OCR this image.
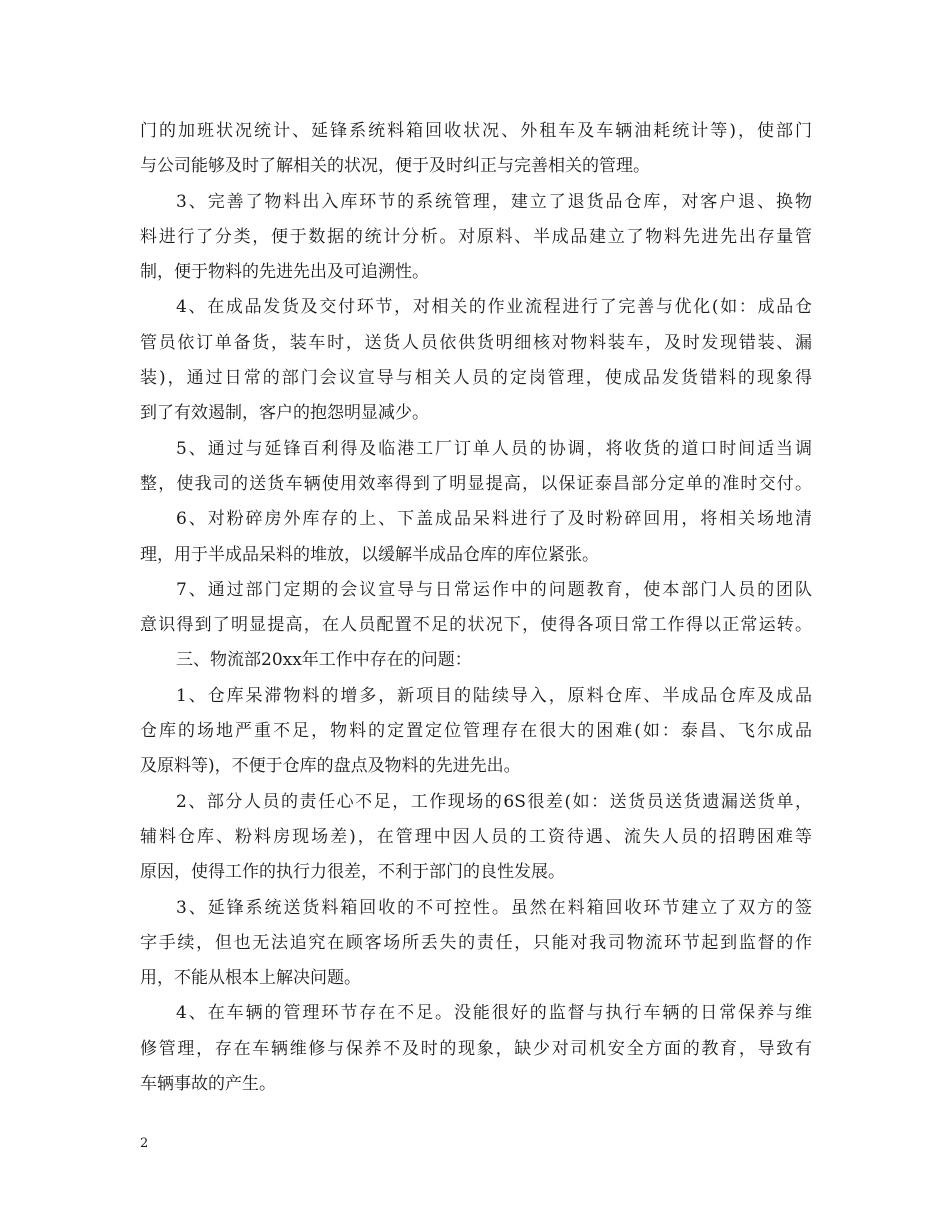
门的加班状况统计、延锋系统料箱回收状况、外租车及车辆油耗统计等)，使部门
与公司能够及时了解相关的状况，便于及时纠正与完善相关的管理。
3、完善了物料出入库环节的系统管理，建立了退货品仓库，对客户退、换物
料进行了分类，便于数据的统计分析。对原料、半成品建立了物料先进先出存量管
制，便于物料的先进先出及可追溯性。
4、在成品发货及交付环节，对相关的作业流程进行了完善与优化(如：成品仓
管员依订单备货，装车时，送货人员依供货明细核对物料装车，及时发现错装、漏
装)，通过日常的部门会议宣导与相关人员的定岗管理，使成品发货错料的现象得
到了有效遏制，客户的抱怨明显减少。
5、通过与延锋百利得及临港工厂订单人员的协调，将收货的道口时间适当调
整，使我司的送货车辆使用效率得到了明显提高，以保证泰昌部分定单的准时交付。
6、对粉碎房外库存的上、下盖成品呆料进行了及时粉碎回用，将相关场地清
理，用于半成品呆料的堆放，以缓解半成品仓库的库位紧张。
7、通过部门定期的会议宣导与日常运作中的问题教育，使本部门人员的团队
意识得到了明显提高，在人员配置不足的状况下，使得各项日常工作得以正常运转。
三、物流部20xx年工作中存在的问题：
1、仓库呆滞物料的增多，新项目的陆续导入，原料仓库、半成品仓库及成品
仓库的场地严重不足，物料的定置定位管理存在很大的困难(如：泰昌、飞尔成品
及原料等)，不便于仓库的盘点及物料的先进先出。
2、部分人员的责任心不足，工作现场的6S很差(如：送货员送货遗漏送货单，
辅料仓库、粉料房现场差)，在管理中因人员的工资待遇、流失人员的招聘困难等
原因，使得工作的执行力很差，不利于部门的良性发展。
3、延锋系统送货料箱回收的不可控性。虽然在料箱回收环节建立了双方的签
字手续，但也无法追究在顾客场所丢失的责任，只能对我司物流环节起到监督的作
用，不能从根本上解决问题。
4、在车辆的管理环节存在不足。没能很好的监督与执行车辆的日常保养与维
修管理，存在车辆维修与保养不及时的现象，缺少对司机安全方面的教育，导致有
车辆事故的产生。
2
